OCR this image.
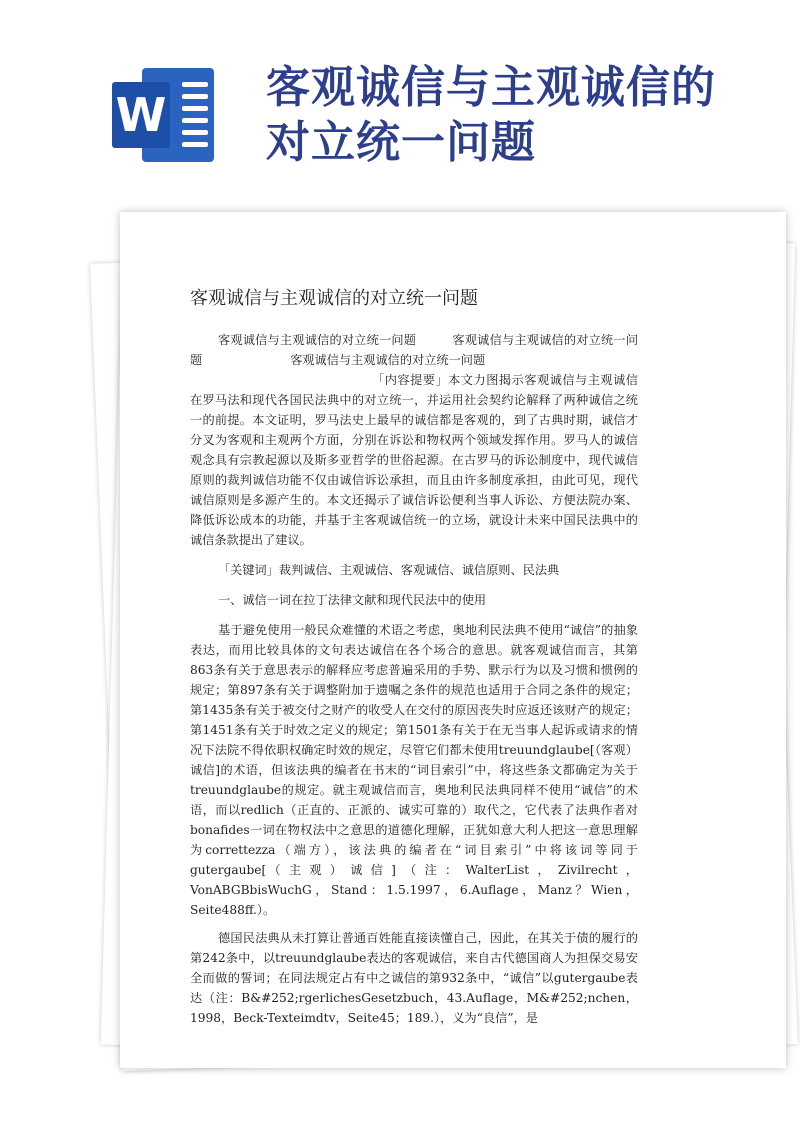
W
客观诚信与主观诚信的
对立统一问题
客观诚信与主观诚信的对立统一问题

客观诚信与主观诚信的对立统一问题	客观诚信与主观诚信的对立统一问题	客观诚信与主观诚信的对立统一问题

「内容提要」本文力图揭示客观诚信与主观诚信在罗马法和现代各国民法典中的对立统一，并运用社会契约论解释了两种诚信之统一的前提。本文证明，罗马法史上最早的诚信都是客观的，到了古典时期，诚信才分叉为客观和主观两个方面，分别在诉讼和物权两个领域发挥作用。罗马人的诚信观念具有宗教起源以及斯多亚哲学的世俗起源。在古罗马的诉讼制度中，现代诚信原则的裁判诚信功能不仅由诚信诉讼承担，而且由许多制度承担，由此可见，现代诚信原则是多源产生的。本文还揭示了诚信诉讼便利当事人诉讼、方便法院办案、降低诉讼成本的功能，并基于主客观诚信统一的立场，就设计未来中国民法典中的诚信条款提出了建议。

「关键词」裁判诚信、主观诚信、客观诚信、诚信原则、民法典

一、诚信一词在拉丁法律文献和现代民法中的使用

基于避免使用一般民众难懂的术语之考虑，奥地利民法典不使用“诚信”的抽象表达，而用比较具体的文句表达诚信在各个场合的意思。就客观诚信而言，其第863条有关于意思表示的解释应考虑普遍采用的手势、默示行为以及习惯和惯例的规定；第897条有关于调整附加于遗嘱之条件的规范也适用于合同之条件的规定；第1435条有关于被交付之财产的收受人在交付的原因丧失时应返还该财产的规定；第1451条有关于时效之定义的规定；第1501条有关于在无当事人起诉或请求的情况下法院不得依职权确定时效的规定，尽管它们都未使用treuundglaube[（客观）诚信]的术语，但该法典的编者在书末的“词目索引”中，将这些条文都确定为关于treuundglaube的规定。就主观诚信而言，奥地利民法典同样不使用“诚信”的术语，而以redlich（正直的、正派的、诚实可靠的）取代之，它代表了法典作者对bonafides一词在物权法中之意思的道德化理解，正犹如意大利人把这一意思理解为correttezza（端方），该法典的编者在“词目索引”中将该词等同于gutergaube[（主观）诚信]（注：WalterList，Zivilrecht，VonABGBbisWuchG，Stand：1.5.1997，6.Auflage，Manz？Wien，Seite488ff.）。

德国民法典从未打算让普通百姓能直接读懂自己，因此，在其关于债的履行的第242条中，以treuundglaube表达的客观诚信，来自古代德国商人为担保交易安全而做的誓词；在同法规定占有中之诚信的第932条中，“诚信”以gutergaube表达（注：B&#252;rgerlichesGesetzbuch，43.Auflage，M&#252;nchen，1998，Beck-Texteimdtv，Seite45；189.），义为“良信”，是
